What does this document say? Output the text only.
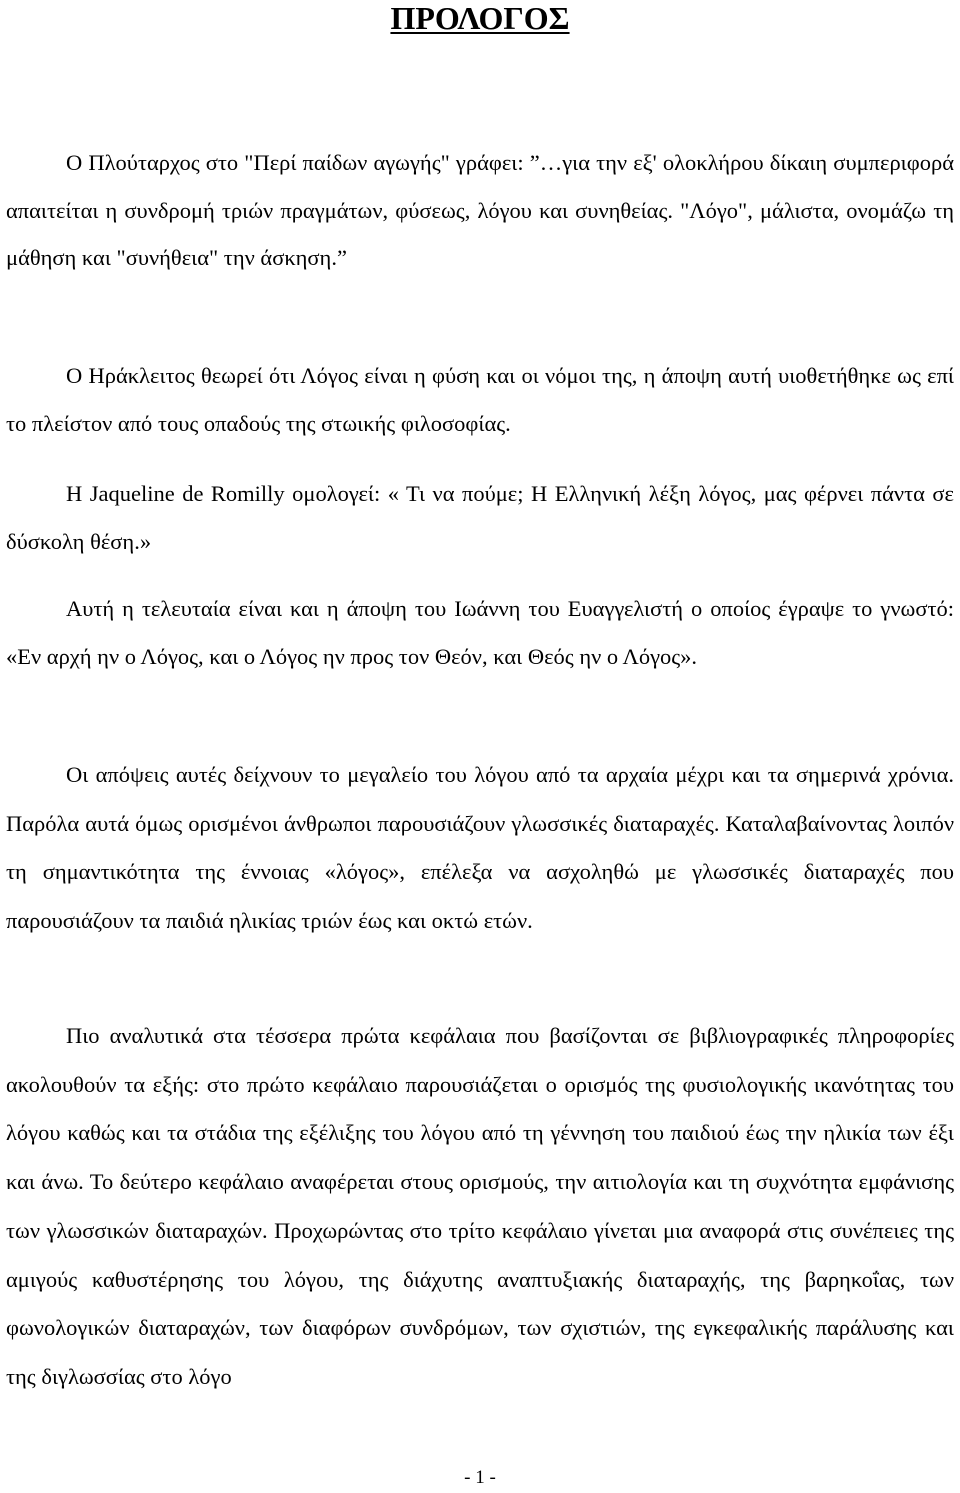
ΠΡΟΛΟΓΟΣ

Ο Πλούταρχος στο "Περί παίδων αγωγής" γράφει: ”…για την εξ' ολοκλήρου δίκαιη συμπεριφορά απαιτείται η συνδρομή τριών πραγμάτων, φύσεως, λόγου και συνηθείας. "Λόγο", μάλιστα, ονομάζω τη μάθηση και "συνήθεια" την άσκηση.”

Ο Ηράκλειτος θεωρεί ότι Λόγος είναι η φύση και οι νόμοι της, η άποψη αυτή υιοθετήθηκε ως επί το πλείστον από τους οπαδούς της στωικής φιλοσοφίας.

Η Jaqueline de Romilly ομολογεί: « Τι να πούμε; Η Ελληνική λέξη λόγος, μας φέρνει πάντα σε δύσκολη θέση.»

Αυτή η τελευταία είναι και η άποψη του Ιωάννη του Ευαγγελιστή ο οποίος έγραψε το γνωστό: «Εν αρχή ην ο Λόγος, και ο Λόγος ην προς τον Θεόν, και Θεός ην ο Λόγος».

Οι απόψεις αυτές δείχνουν το μεγαλείο του λόγου από τα αρχαία μέχρι και τα σημερινά χρόνια. Παρόλα αυτά όμως ορισμένοι άνθρωποι παρουσιάζουν γλωσσικές διαταραχές. Καταλαβαίνοντας λοιπόν τη σημαντικότητα της έννοιας «λόγος», επέλεξα να ασχοληθώ με γλωσσικές διαταραχές που παρουσιάζουν τα παιδιά ηλικίας τριών έως και οκτώ ετών.

Πιο αναλυτικά στα τέσσερα πρώτα κεφάλαια που βασίζονται σε βιβλιογραφικές πληροφορίες ακολουθούν τα εξής: στο πρώτο κεφάλαιο παρουσιάζεται ο ορισμός της φυσιολογικής ικανότητας του λόγου καθώς και τα στάδια της εξέλιξης του λόγου από τη γέννηση του παιδιού έως την ηλικία των έξι και άνω. Το δεύτερο κεφάλαιο αναφέρεται στους ορισμούς, την αιτιολογία και τη συχνότητα εμφάνισης των γλωσσικών διαταραχών. Προχωρώντας στο τρίτο κεφάλαιο γίνεται μια αναφορά στις συνέπειες της αμιγούς καθυστέρησης του λόγου, της διάχυτης αναπτυξιακής διαταραχής, της βαρηκοΐας, των φωνολογικών διαταραχών, των διαφόρων συνδρόμων, των σχιστιών, της εγκεφαλικής παράλυσης και της διγλωσσίας στο λόγο

- 1 -
